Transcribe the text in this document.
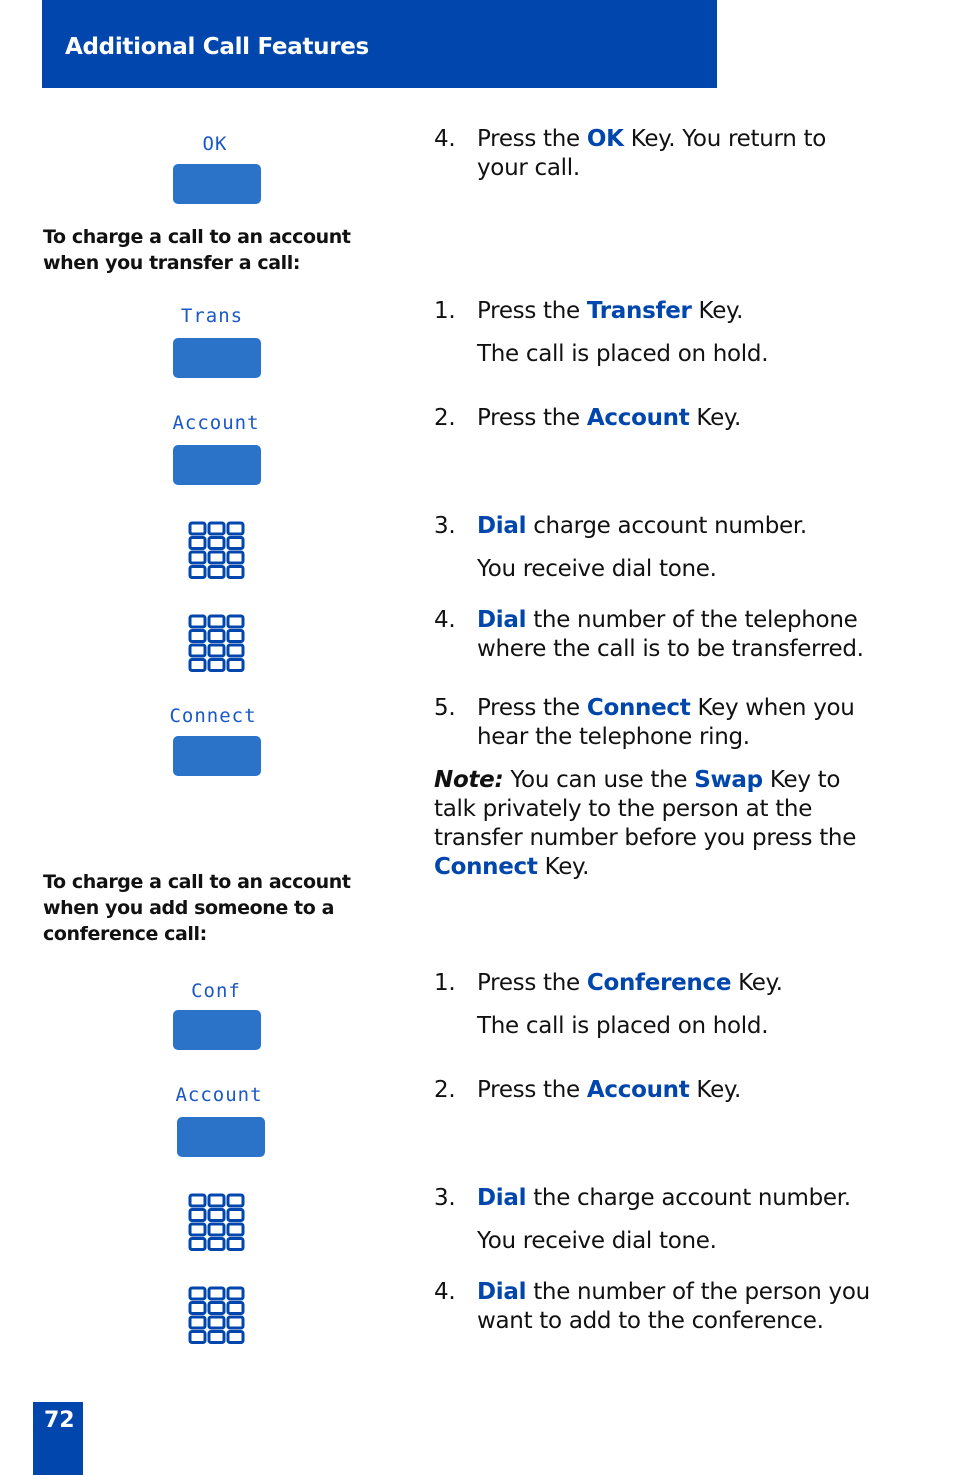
Additional Call Features
OK	4. Press the OK Key. You return to your call.
To charge a call to an account when you transfer a call:
Trans	1. Press the Transfer Key.
The call is placed on hold.
Account	2. Press the Account Key.
3. Dial charge account number.
You receive dial tone.
4. Dial the number of the telephone where the call is to be transferred.
Connect	5. Press the Connect Key when you hear the telephone ring.
Note: You can use the Swap Key to talk privately to the person at the transfer number before you press the Connect Key.
To charge a call to an account when you add someone to a conference call:
Conf	1. Press the Conference Key.
The call is placed on hold.
Account	2. Press the Account Key.
3. Dial the charge account number.
You receive dial tone.
4. Dial the number of the person you want to add to the conference.
72
